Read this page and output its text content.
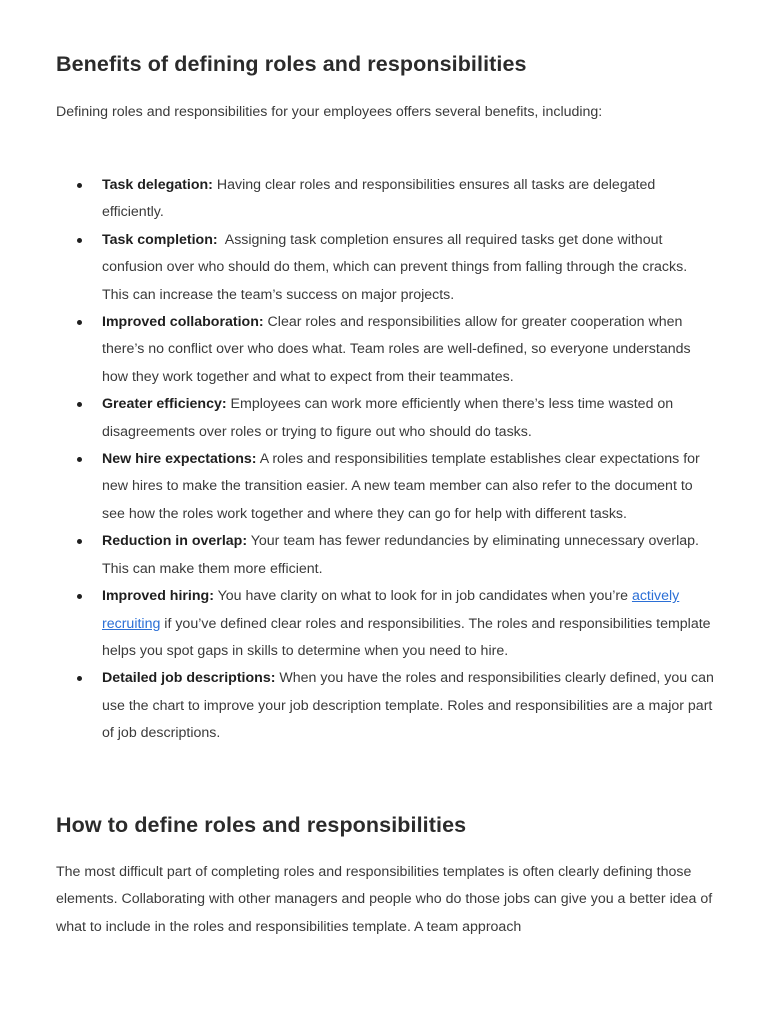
Benefits of defining roles and responsibilities

Defining roles and responsibilities for your employees offers several benefits, including:

Task delegation: Having clear roles and responsibilities ensures all tasks are delegated efficiently.
Task completion:  Assigning task completion ensures all required tasks get done without confusion over who should do them, which can prevent things from falling through the cracks. This can increase the team’s success on major projects.
Improved collaboration: Clear roles and responsibilities allow for greater cooperation when there’s no conflict over who does what. Team roles are well-defined, so everyone understands how they work together and what to expect from their teammates.
Greater efficiency: Employees can work more efficiently when there’s less time wasted on disagreements over roles or trying to figure out who should do tasks.
New hire expectations: A roles and responsibilities template establishes clear expectations for new hires to make the transition easier. A new team member can also refer to the document to see how the roles work together and where they can go for help with different tasks.
Reduction in overlap: Your team has fewer redundancies by eliminating unnecessary overlap. This can make them more efficient.
Improved hiring: You have clarity on what to look for in job candidates when you’re actively recruiting if you’ve defined clear roles and responsibilities. The roles and responsibilities template helps you spot gaps in skills to determine when you need to hire.
Detailed job descriptions: When you have the roles and responsibilities clearly defined, you can use the chart to improve your job description template. Roles and responsibilities are a major part of job descriptions.
How to define roles and responsibilities

The most difficult part of completing roles and responsibilities templates is often clearly defining those elements. Collaborating with other managers and people who do those jobs can give you a better idea of what to include in the roles and responsibilities template. A team approach
